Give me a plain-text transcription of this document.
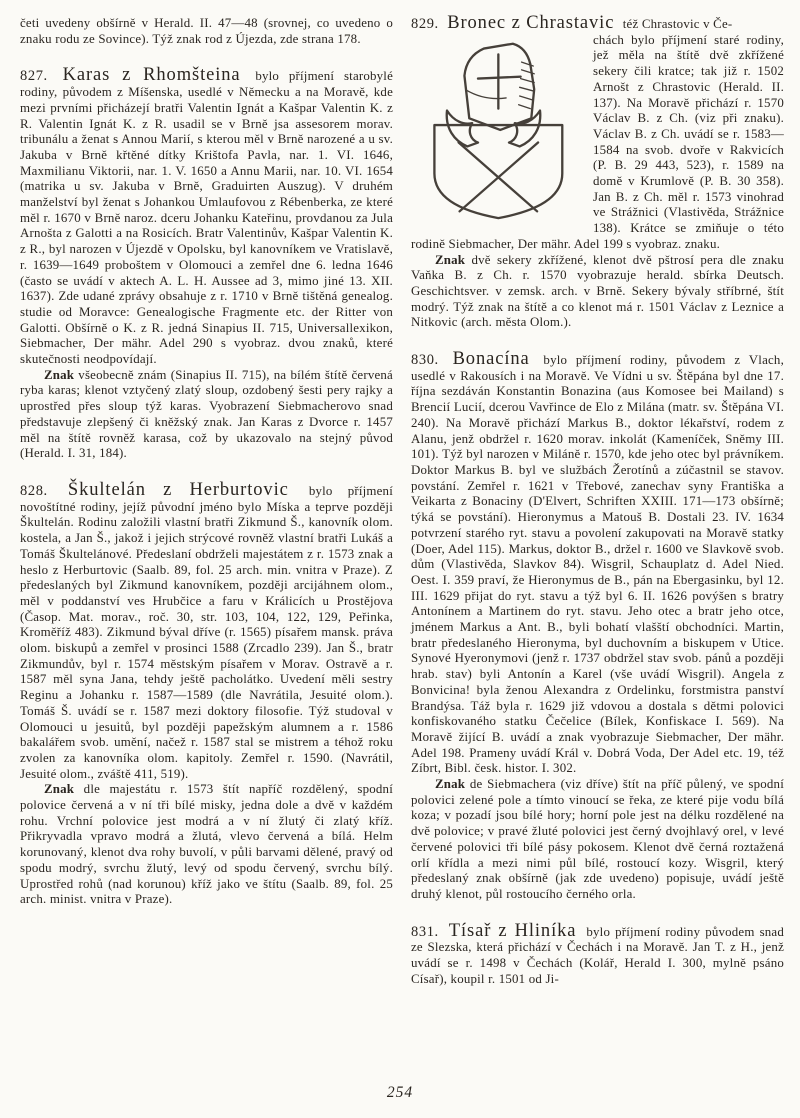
četi uvedeny obšírně v Herald. II. 47—48 (srovnej, co uvedeno o znaku rodu ze Sovince). Týž znak rod z Újezda, zde strana 178.

827. Karas z Rhomšteina bylo příjmení starobylé rodiny, původem z Míšenska, usedlé v Německu a na Moravě, kde mezi prvními přicházejí bratři Valentin Ignát a Kašpar Valentin K. z R. Valentin Ignát K. z R. usadil se v Brně jsa assesorem morav. tribunálu a ženat s Annou Marií, s kterou měl v Brně narozené a u sv. Jakuba v Brně křtěné dítky Krištofa Pavla, nar. 1. VI. 1646, Maxmilianu Viktorii, nar. 1. V. 1650 a Annu Marii, nar. 10. VI. 1654 (matrika u sv. Jakuba v Brně, Graduirten Auszug). V druhém manželství byl ženat s Johankou Umlaufovou z Rébenberka, ze které měl r. 1670 v Brně naroz. dceru Johanku Kateřinu, provdanou za Jula Arnošta z Galotti a na Rosicích. Bratr Valentinův, Kašpar Valentin K. z R., byl narozen v Újezdě v Opolsku, byl kanovníkem ve Vratislavě, r. 1639—1649 proboštem v Olomouci a zemřel dne 6. ledna 1646 (často se uvádí v aktech A. L. H. Aussee ad 3, mimo jiné 13. XII. 1637). Zde udané zprávy obsahuje z r. 1710 v Brně tištěná genealog. studie od Moravce: Genealogische Fragmente etc. der Ritter von Galotti. Obšírně o K. z R. jedná Sinapius II. 715, Universallexikon, Siebmacher, Der mähr. Adel 290 s vyobraz. dvou znaků, které skutečnosti neodpovídají.

Znak všeobecně znám (Sinapius II. 715), na bílém štítě červená ryba karas; klenot vztyčený zlatý sloup, ozdobený šesti pery rajky a uprostřed přes sloup týž karas. Vyobrazení Siebmacherovo snad představuje zlepšený či kněžský znak. Jan Karas z Dvorce r. 1457 měl na štítě rovněž karasa, což by ukazovalo na stejný původ (Herald. I. 31, 184).

828. Škultelán z Herburtovic bylo příjmení novoštítné rodiny, jejíž původní jméno bylo Míska a teprve později Škultelán. Rodinu založili vlastní bratři Zikmund Š., kanovník olom. kostela, a Jan Š., jakož i jejich strýcové rovněž vlastní bratři Lukáš a Tomáš Škultelánové. Předeslaní obdrželi majestátem z r. 1573 znak a heslo z Herburtovic (Saalb. 89, fol. 25 arch. min. vnitra v Praze). Z předeslaných byl Zikmund kanovníkem, později arcijáhnem olom., měl v poddanství ves Hrubčice a faru v Králicích u Prostějova (Časop. Mat. morav., roč. 30, str. 103, 104, 122, 129, Peřinka, Kroměříž 483). Zikmund býval dříve (r. 1565) písařem mansk. práva olom. biskupů a zemřel v prosinci 1588 (Zrcadlo 239). Jan Š., bratr Zikmundův, byl r. 1574 městským písařem v Morav. Ostravě a r. 1587 měl syna Jana, tehdy ještě pacholátko. Uvedení měli sestry Reginu a Johanku r. 1587—1589 (dle Navrátila, Jesuité olom.). Tomáš Š. uvádí se r. 1587 mezi doktory filosofie. Týž studoval v Olomouci u jesuitů, byl později papežským alumnem a r. 1586 bakalářem svob. umění, načež r. 1587 stal se mistrem a téhož roku zvolen za kanovníka olom. kapitoly. Zemřel r. 1590. (Navrátil, Jesuité olom., zváště 411, 519).

Znak dle majestátu r. 1573 štít napříč rozdělený, spodní polovice červená a v ní tři bílé misky, jedna dole a dvě v každém rohu. Vrchní polovice jest modrá a v ní žlutý či zlatý kříž. Přikryvadla vpravo modrá a žlutá, vlevo červená a bílá. Helm korunovaný, klenot dva rohy buvolí, v půli barvami dělené, pravý od spodu modrý, svrchu žlutý, levý od spodu červený, svrchu bílý. Uprostřed rohů (nad korunou) kříž jako ve štítu (Saalb. 89, fol. 25 arch. minist. vnitra v Praze).

829. Bronec z Chrastavic též Chrastovic v Če-

chách bylo příjmení staré rodiny, jež měla na štítě dvě zkřížené sekery čili kratce; tak již r. 1502 Arnošt z Chrastovic (Herald. II. 137). Na Moravě přichází r. 1570 Václav B. z Ch. (viz při znaku). Václav B. z Ch. uvádí se r. 1583—1584 na svob. dvoře v Rakvicích (P. B. 29 443, 523), r. 1589 na domě v Krumlově (P. B. 30 358). Jan B. z Ch. měl r. 1573 vinohrad ve Strážnici (Vlastivěda, Strážnice 138). Krátce se zmiňuje o této rodině Siebmacher, Der mähr. Adel 199 s vyobraz. znaku.

Znak dvě sekery zkřížené, klenot dvě pštrosí pera dle znaku Vaňka B. z Ch. r. 1570 vyobrazuje herald. sbírka Deutsch. Geschichtsver. v zemsk. arch. v Brně. Sekery bývaly stříbrné, štít modrý. Týž znak na štítě a co klenot má r. 1501 Václav z Leznice a Nitkovic (arch. města Olom.).

830. Bonacína bylo příjmení rodiny, původem z Vlach, usedlé v Rakousích i na Moravě. Ve Vídni u sv. Štěpána byl dne 17. října sezdáván Konstantin Bonazina (aus Komosee bei Mailand) s Brencií Lucií, dcerou Vavřince de Elo z Milána (matr. sv. Štěpána VI. 240). Na Moravě přichází Markus B., doktor lékařství, rodem z Alanu, jenž obdržel r. 1620 morav. inkolát (Kameníček, Sněmy III. 101). Týž byl narozen v Miláně r. 1570, kde jeho otec byl právníkem. Doktor Markus B. byl ve službách Žerotínů a zúčastnil se stavov. povstání. Zemřel r. 1621 v Třebové, zanechav syny Františka a Veikarta z Bonaciny (D'Elvert, Schriften XXIII. 171—173 obšírně; týká se povstání). Hieronymus a Matouš B. Dostali 23. IV. 1634 potvrzení starého ryt. stavu a povolení zakupovati na Moravě statky (Doer, Adel 115). Markus, doktor B., držel r. 1600 ve Slavkově svob. dům (Vlastivěda, Slavkov 84). Wisgril, Schauplatz d. Adel Nied. Oest. I. 359 praví, že Hieronymus de B., pán na Ebergasinku, byl 12. III. 1629 přijat do ryt. stavu a týž byl 6. II. 1626 povýšen s bratry Antonínem a Martinem do ryt. stavu. Jeho otec a bratr jeho otce, jménem Markus a Ant. B., byli bohatí vlašští obchodníci. Martin, bratr předeslaného Hieronyma, byl duchovním a biskupem v Utice. Synové Hyeronymovi (jenž r. 1737 obdržel stav svob. pánů a později hrab. stav) byli Antonín a Karel (vše uvádí Wisgril). Angela z Bonvicina! byla ženou Alexandra z Ordelinku, forstmistra panství Brandýsa. Táž byla r. 1629 již vdovou a dostala s dětmi polovici konfiskovaného statku Čečelice (Bílek, Konfiskace I. 569). Na Moravě žijící B. uvádí a znak vyobrazuje Siebmacher, Der mähr. Adel 198. Prameny uvádí Král v. Dobrá Voda, Der Adel etc. 19, též Zíbrt, Bibl. česk. histor. I. 302.

Znak de Siebmachera (viz dříve) štít na příč půlený, ve spodní polovici zelené pole a tímto vinoucí se řeka, ze které pije vodu bílá koza; v pozadí jsou bílé hory; horní pole jest na délku rozdělené na dvě polovice; v pravé žluté polovici jest černý dvojhlavý orel, v levé červené polovici tři bílé pásy pokosem. Klenot dvě černá roztažená orlí křídla a mezi nimi půl bílé, rostoucí kozy. Wisgril, který předeslaný znak obšírně (jak zde uvedeno) popisuje, uvádí ještě druhý klenot, půl rostoucího černého orla.

831. Tísař z Hliníka bylo příjmení rodiny původem snad ze Slezska, která přichází v Čechách i na Moravě. Jan T. z H., jenž uvádí se r. 1498 v Čechách (Kolář, Herald I. 300, mylně psáno Císař), koupil r. 1501 od Ji-

254
